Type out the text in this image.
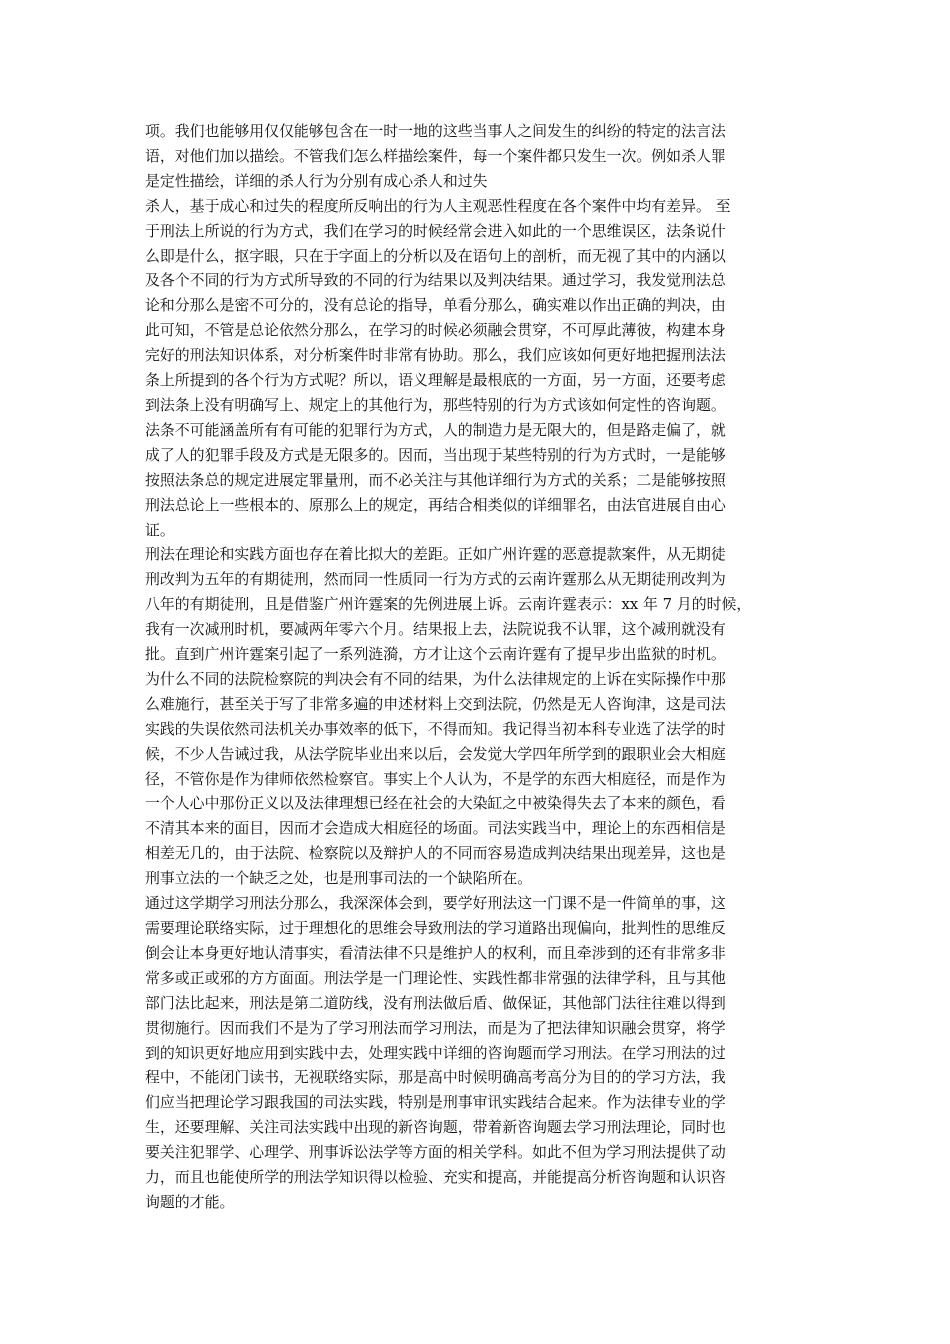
项。我们也能够用仅仅能够包含在一时一地的这些当事人之间发生的纠纷的特定的法言法
语，对他们加以描绘。不管我们怎么样描绘案件，每一个案件都只发生一次。例如杀人罪
是定性描绘，详细的杀人行为分别有成心杀人和过失

杀人，基于成心和过失的程度所反响出的行为人主观恶性程度在各个案件中均有差异。 至
于刑法上所说的行为方式，我们在学习的时候经常会进入如此的一个思维误区，法条说什
么即是什么，抠字眼，只在于字面上的分析以及在语句上的剖析，而无视了其中的内涵以
及各个不同的行为方式所导致的不同的行为结果以及判决结果。通过学习，我发觉刑法总
论和分那么是密不可分的，没有总论的指导，单看分那么，确实难以作出正确的判决，由
此可知，不管是总论依然分那么，在学习的时候必须融会贯穿，不可厚此薄彼，构建本身
完好的刑法知识体系，对分析案件时非常有协助。那么，我们应该如何更好地把握刑法法
条上所提到的各个行为方式呢？所以，语义理解是最根底的一方面，另一方面，还要考虑
到法条上没有明确写上、规定上的其他行为，那些特别的行为方式该如何定性的咨询题。
法条不可能涵盖所有有可能的犯罪行为方式，人的制造力是无限大的，但是路走偏了，就
成了人的犯罪手段及方式是无限多的。因而，当出现于某些特别的行为方式时，一是能够
按照法条总的规定进展定罪量刑，而不必关注与其他详细行为方式的关系；二是能够按照
刑法总论上一些根本的、原那么上的规定，再结合相类似的详细罪名，由法官进展自由心
证。

刑法在理论和实践方面也存在着比拟大的差距。正如广州许霆的恶意提款案件，从无期徒
刑改判为五年的有期徒刑，然而同一性质同一行为方式的云南许霆那么从无期徒刑改判为
八年的有期徒刑，且是借鉴广州许霆案的先例进展上诉。云南许霆表示：xx 年 7 月的时候，
我有一次减刑时机，要减两年零六个月。结果报上去，法院说我不认罪，这个减刑就没有
批。直到广州许霆案引起了一系列涟漪，方才让这个云南许霆有了提早步出监狱的时机。
为什么不同的法院检察院的判决会有不同的结果，为什么法律规定的上诉在实际操作中那
么难施行，甚至关于写了非常多遍的申述材料上交到法院，仍然是无人咨询津，这是司法
实践的失误依然司法机关办事效率的低下，不得而知。我记得当初本科专业选了法学的时
候，不少人告诫过我，从法学院毕业出来以后，会发觉大学四年所学到的跟职业会大相庭
径，不管你是作为律师依然检察官。事实上个人认为，不是学的东西大相庭径，而是作为
一个人心中那份正义以及法律理想已经在社会的大染缸之中被染得失去了本来的颜色，看
不清其本来的面目，因而才会造成大相庭径的场面。司法实践当中，理论上的东西相信是
相差无几的，由于法院、检察院以及辩护人的不同而容易造成判决结果出现差异，这也是
刑事立法的一个缺乏之处，也是刑事司法的一个缺陷所在。

通过这学期学习刑法分那么，我深深体会到，要学好刑法这一门课不是一件简单的事，这
需要理论联络实际，过于理想化的思维会导致刑法的学习道路出现偏向，批判性的思维反
倒会让本身更好地认清事实，看清法律不只是维护人的权利，而且牵涉到的还有非常多非
常多或正或邪的方方面面。刑法学是一门理论性、实践性都非常强的法律学科，且与其他
部门法比起来，刑法是第二道防线，没有刑法做后盾、做保证，其他部门法往往难以得到
贯彻施行。因而我们不是为了学习刑法而学习刑法，而是为了把法律知识融会贯穿，将学
到的知识更好地应用到实践中去，处理实践中详细的咨询题而学习刑法。在学习刑法的过
程中，不能闭门读书，无视联络实际，那是高中时候明确高考高分为目的的学习方法，我
们应当把理论学习跟我国的司法实践，特别是刑事审讯实践结合起来。作为法律专业的学
生，还要理解、关注司法实践中出现的新咨询题，带着新咨询题去学习刑法理论，同时也
要关注犯罪学、心理学、刑事诉讼法学等方面的相关学科。如此不但为学习刑法提供了动
力，而且也能使所学的刑法学知识得以检验、充实和提高，并能提高分析咨询题和认识咨
询题的才能。
